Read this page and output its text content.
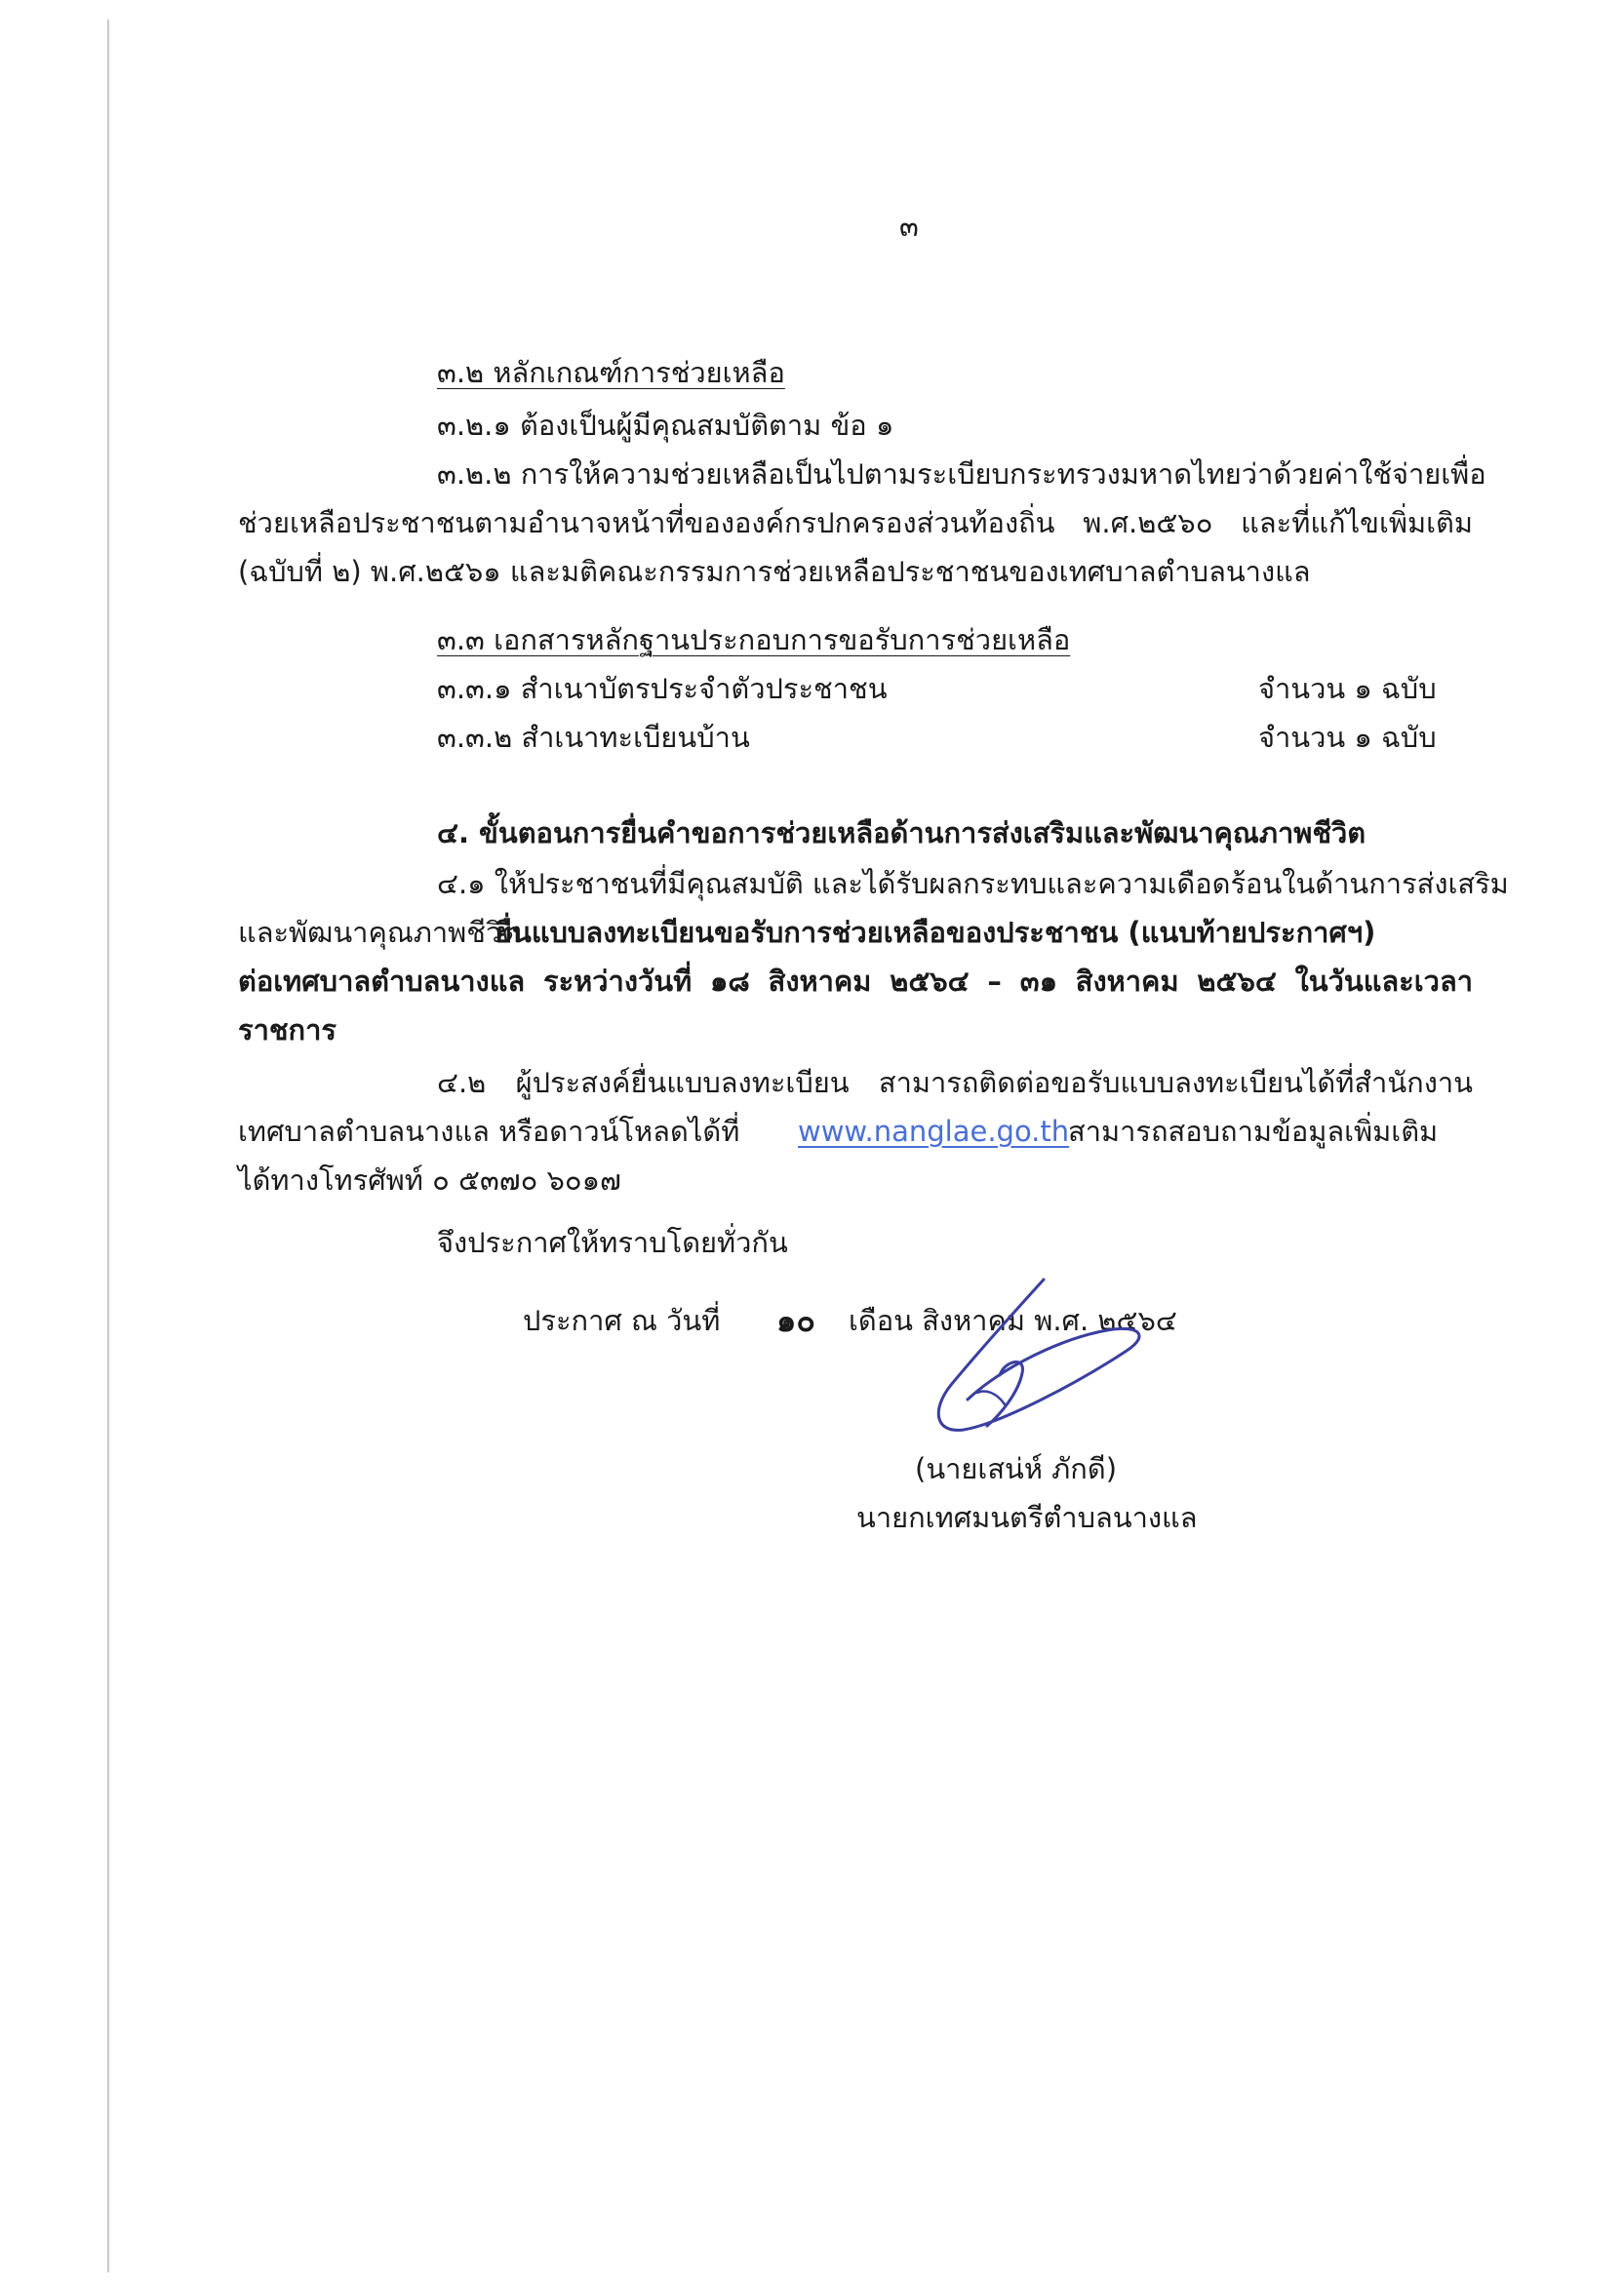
๓
๓.๒ หลักเกณฑ์การช่วยเหลือ
๓.๒.๑ ต้องเป็นผู้มีคุณสมบัติตาม ข้อ ๑
๓.๒.๒ การให้ความช่วยเหลือเป็นไปตามระเบียบกระทรวงมหาดไทยว่าด้วยค่าใช้จ่ายเพื่อ
ช่วยเหลือประชาชนตามอำนาจหน้าที่ขององค์กรปกครองส่วนท้องถิ่น พ.ศ.๒๕๖๐ และที่แก้ไขเพิ่มเติม
(ฉบับที่ ๒) พ.ศ.๒๕๖๑ และมติคณะกรรมการช่วยเหลือประชาชนของเทศบาลตำบลนางแล
๓.๓ เอกสารหลักฐานประกอบการขอรับการช่วยเหลือ
๓.๓.๑ สำเนาบัตรประจำตัวประชาชน	จำนวน ๑ ฉบับ
๓.๓.๒ สำเนาทะเบียนบ้าน	จำนวน ๑ ฉบับ
๔. ขั้นตอนการยื่นคำขอการช่วยเหลือด้านการส่งเสริมและพัฒนาคุณภาพชีวิต
๔.๑ ให้ประชาชนที่มีคุณสมบัติ และได้รับผลกระทบและความเดือดร้อนในด้านการส่งเสริม
และพัฒนาคุณภาพชีวิต
ยื่นแบบลงทะเบียนขอรับการช่วยเหลือของประชาชน (แนบท้ายประกาศฯ)
ต่อเทศบาลตำบลนางแล ระหว่างวันที่ ๑๘ สิงหาคม ๒๕๖๔ – ๓๑ สิงหาคม ๒๕๖๔ ในวันและเวลา
ราชการ
๔.๒ ผู้ประสงค์ยื่นแบบลงทะเบียน สามารถติดต่อขอรับแบบลงทะเบียนได้ที่สำนักงาน
เทศบาลตำบลนางแล หรือดาวน์โหลดได้ที่ www.nanglae.go.th
สามารถสอบถามข้อมูลเพิ่มเติม
ได้ทางโทรศัพท์ ๐ ๕๓๗๐ ๖๐๑๗
จึงประกาศให้ทราบโดยทั่วกัน
ประกาศ ณ วันที่ ๑๐ เดือน สิงหาคม พ.ศ. ๒๕๖๔
(นายเสน่ห์ ภักดี)
นายกเทศมนตรีตำบลนางแล
